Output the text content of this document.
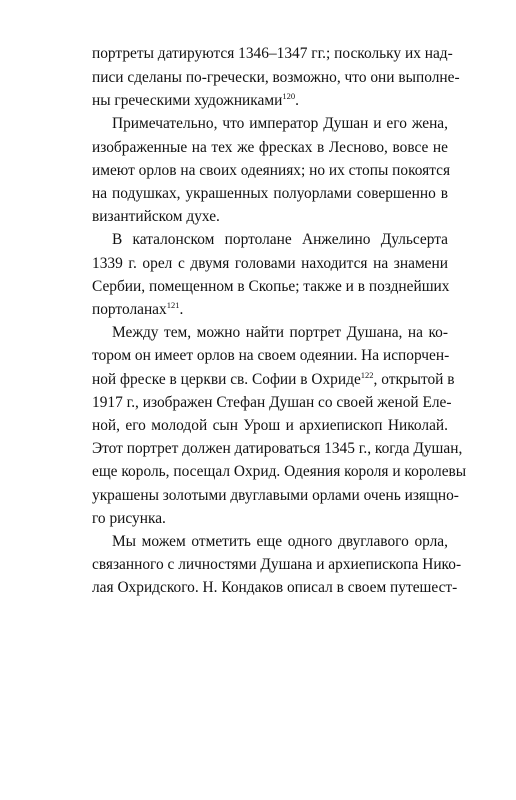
портреты датируются 1346–1347 гг.; поскольку их над-
писи сделаны по-гречески, возможно, что они выполне-
ны греческими художниками$^{120}$.
Примечательно, что император Душан и его жена,
изображенные на тех же фресках в Лесново, вовсе не
имеют орлов на своих одеяниях; но их стопы покоятся
на подушках, украшенных полуорлами совершенно в
византийском духе.
В каталонском портолане Анжелино Дульсерта
1339 г. орел с двумя головами находится на знамени
Сербии, помещенном в Скопье; также и в позднейших
портоланах$^{121}$.
Между тем, можно найти портрет Душана, на ко-
тором он имеет орлов на своем одеянии. На испорчен-
ной фреске в церкви св. Софии в Охриде$^{122}$, открытой в
1917 г., изображен Стефан Душан со своей женой Еле-
ной, его молодой сын Урош и архиепископ Николай.
Этот портрет должен датироваться 1345 г., когда Душан,
еще король, посещал Охрид. Одеяния короля и королевы
украшены золотыми двуглавыми орлами очень изящно-
го рисунка.
Мы можем отметить еще одного двуглавого орла,
связанного с личностями Душана и архиепископа Нико-
лая Охридского. Н. Кондаков описал в своем путешест-
